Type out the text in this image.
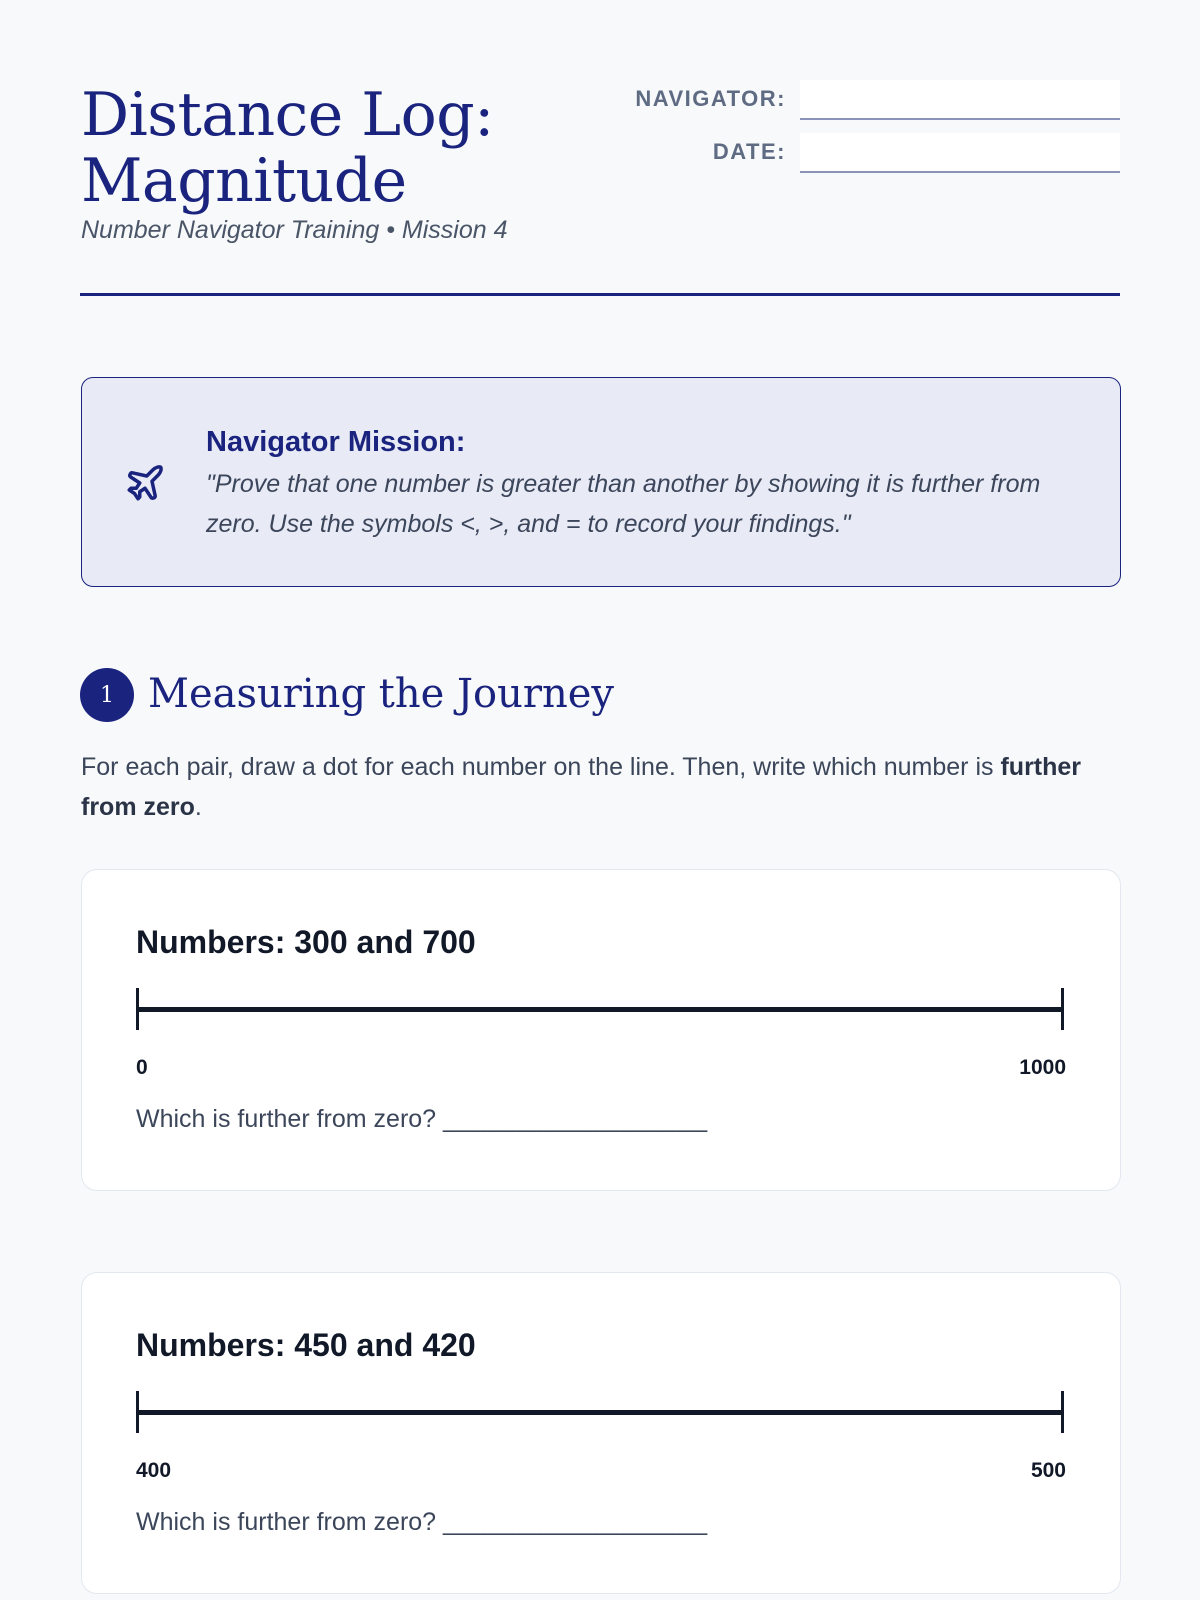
Distance Log:
Magnitude
Number Navigator Training • Mission 4
NAVIGATOR:
DATE:
Navigator Mission:
"Prove that one number is greater than another by showing it is further from zero. Use the symbols <, >, and = to record your findings."
1 Measuring the Journey

For each pair, draw a dot for each number on the line. Then, write which number is further from zero.

Numbers: 300 and 700
0	1000
Which is further from zero? ___________________
Numbers: 450 and 420
400	500
Which is further from zero? ___________________
